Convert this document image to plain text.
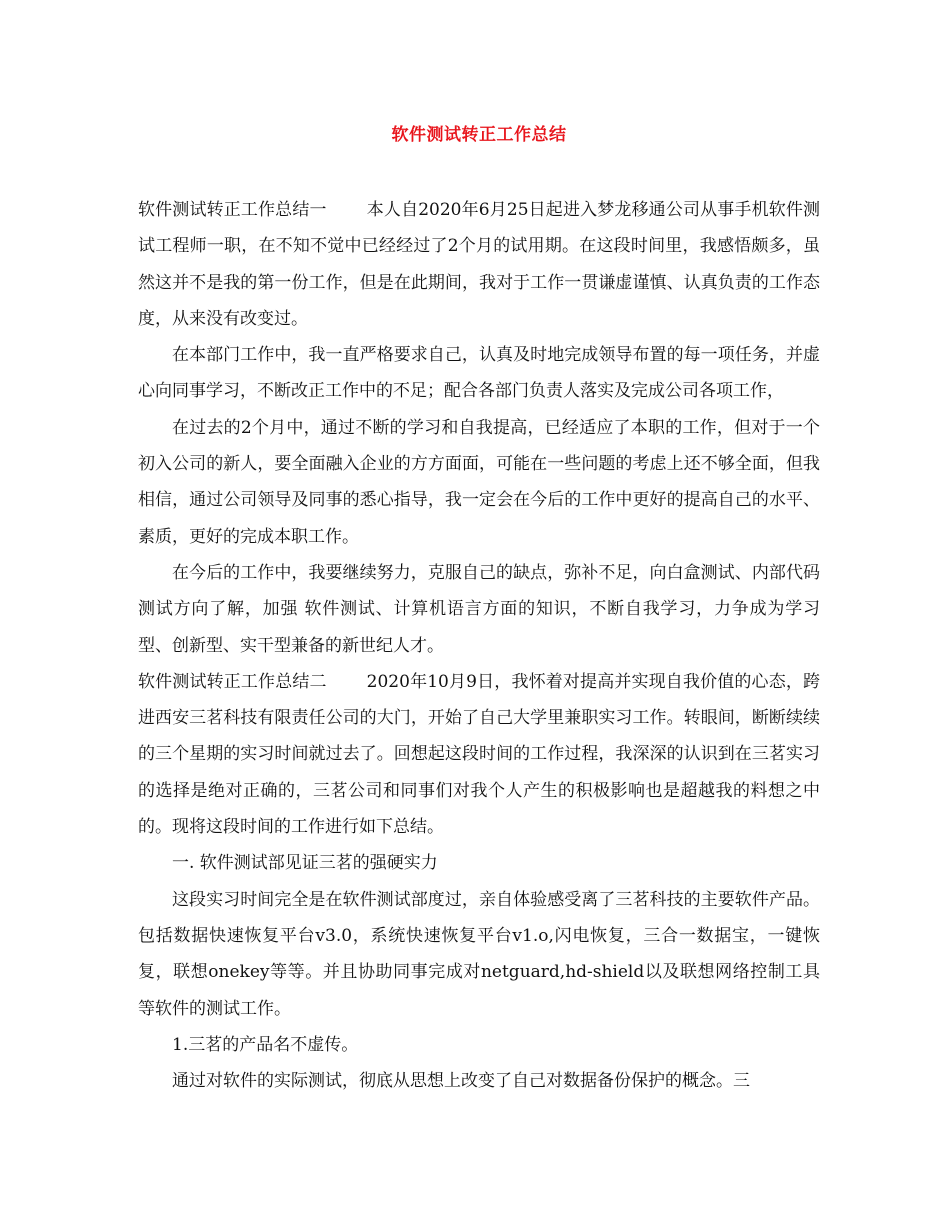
软件测试转正工作总结

软件测试转正工作总结一 本人自2020年6月25日起进入梦龙移通公司从事手机软件测试工程师一职，在不知不觉中已经经过了2个月的试用期。在这段时间里，我感悟颇多，虽然这并不是我的第一份工作，但是在此期间，我对于工作一贯谦虚谨慎、认真负责的工作态度，从来没有改变过。

在本部门工作中，我一直严格要求自己，认真及时地完成领导布置的每一项任务，并虚心向同事学习，不断改正工作中的不足；配合各部门负责人落实及完成公司各项工作，

在过去的2个月中，通过不断的学习和自我提高，已经适应了本职的工作，但对于一个初入公司的新人，要全面融入企业的方方面面，可能在一些问题的考虑上还不够全面，但我相信，通过公司领导及同事的悉心指导，我一定会在今后的工作中更好的提高自己的水平、素质，更好的完成本职工作。

在今后的工作中，我要继续努力，克服自己的缺点，弥补不足，向白盒测试、内部代码测试方向了解，加强 软件测试、计算机语言方面的知识，不断自我学习，力争成为学习型、创新型、实干型兼备的新世纪人才。

软件测试转正工作总结二 2020年10月9日，我怀着对提高并实现自我价值的心态，跨进西安三茗科技有限责任公司的大门，开始了自己大学里兼职实习工作。转眼间，断断续续的三个星期的实习时间就过去了。回想起这段时间的工作过程，我深深的认识到在三茗实习的选择是绝对正确的，三茗公司和同事们对我个人产生的积极影响也是超越我的料想之中的。现将这段时间的工作进行如下总结。

一. 软件测试部见证三茗的强硬实力

这段实习时间完全是在软件测试部度过，亲自体验感受离了三茗科技的主要软件产品。包括数据快速恢复平台v3.0，系统快速恢复平台v1.o,闪电恢复，三合一数据宝，一键恢复，联想onekey等等。并且协助同事完成对netguard,hd-shield以及联想网络控制工具等软件的测试工作。

1.三茗的产品名不虚传。

通过对软件的实际测试，彻底从思想上改变了自己对数据备份保护的概念。三
